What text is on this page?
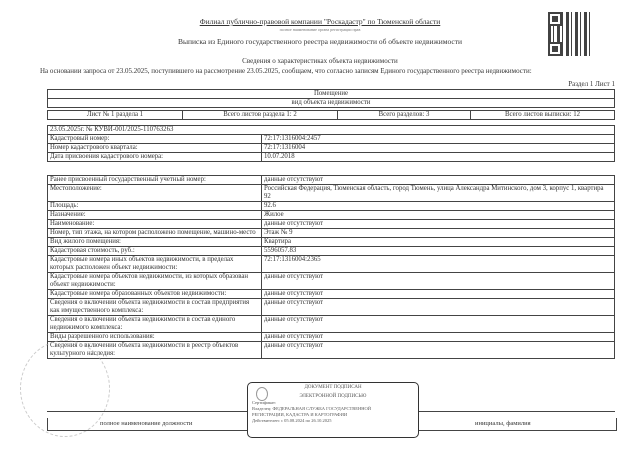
Филиал публично-правовой компании "Роскадастр" по Тюменской области
полное наименование органа регистрации прав
Выписка из Единого государственного реестра недвижимости об объекте недвижимости
Сведения о характеристиках объекта недвижимости
На основании запроса от 23.05.2025, поступившего на рассмотрение 23.05.2025, сообщаем, что согласно записям Единого государственного реестра недвижимости:
Раздел 1 Лист 1
Помещение
вид объекта недвижимости
Лист № 1 раздела 1	Всего листов раздела 1: 2	Всего разделов: 3	Всего листов выписки: 12
23.05.2025г. № КУВИ-001/2025-110763263	
Кадастровый номер:	72:17:1316004:2457
Номер кадастрового квартала:	72:17:1316004
Дата присвоения кадастрового номера:	10.07.2018
Ранее присвоенный государственный учетный номер:	данные отсутствуют
Местоположение:	Российская Федерация, Тюменская область, город Тюмень, улица Александра Митинского, дом 3, корпус 1, квартира 92
Площадь:	92.6
Назначение:	Жилое
Наименование:	данные отсутствуют
Номер, тип этажа, на котором расположено помещение, машино-место	Этаж № 9
Вид жилого помещения:	Квартира
Кадастровая стоимость, руб.:	5596057.83
Кадастровые номера иных объектов недвижимости, в пределах которых расположен объект недвижимости:	72:17:1316004:2365
Кадастровые номера объектов недвижимости, из которых образован объект недвижимости:	данные отсутствуют
Кадастровые номера образованных объектов недвижимости:	данные отсутствуют
Сведения о включении объекта недвижимости в состав предприятия как имущественного комплекса:	данные отсутствуют
Сведения о включении объекта недвижимости в состав единого недвижимого комплекса:	данные отсутствуют
Виды разрешенного использования:	данные отсутствуют
Сведения о включении объекта недвижимости в реестр объектов культурного наследия:	данные отсутствуют
полное наименование должности	инициалы, фамилия
ДОКУМЕНТ ПОДПИСАН
ЭЛЕКТРОННОЙ ПОДПИСЬЮ
Сертификат:
Владелец: ФЕДЕРАЛЬНАЯ СЛУЖБА ГОСУДАРСТВЕННОЙ
РЕГИСТРАЦИИ, КАДАСТРА И КАРТОГРАФИИ
Действителен: с 05.08.2024 по 26.10.2025
